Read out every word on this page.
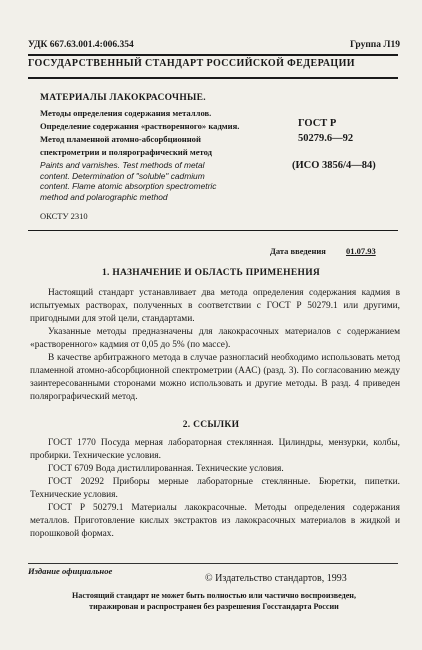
УДК 667.63.001.4:006.354	Группа Л19
ГОСУДАРСТВЕННЫЙ СТАНДАРТ РОССИЙСКОЙ ФЕДЕРАЦИИ
МАТЕРИАЛЫ ЛАКОКРАСОЧНЫЕ.
Методы определения содержания металлов.
Определение содержания «растворенного» кадмия.
Метод пламенной атомно-абсорбционной
спектрометрии и полярографический метод
Paints and varnishes. Test methods of metal
content. Determination of "soluble" cadmium
content. Flame atomic absorption spectrometric
method and polarographic method
ОКСТУ 2310
ГОСТ Р
50279.6—92
(ИСО 3856/4—84)
Дата введения 01.07.93
1. НАЗНАЧЕНИЕ И ОБЛАСТЬ ПРИМЕНЕНИЯ

Настоящий стандарт устанавливает два метода определения содержания кадмия в испытуемых растворах, полученных в соответствии с ГОСТ Р 50279.1 или другими, пригодными для этой цели, стандартами.

Указанные методы предназначены для лакокрасочных материалов с содержанием «растворенного» кадмия от 0,05 до 5% (по массе).

В качестве арбитражного метода в случае разногласий необходимо использовать метод пламенной атомно-абсорбционной спектрометрии (ААС) (разд. 3). По согласованию между заинтересованными сторонами можно использовать и другие методы. В разд. 4 приведен полярографический метод.

2. ССЫЛКИ

ГОСТ 1770 Посуда мерная лабораторная стеклянная. Цилиндры, мензурки, колбы, пробирки. Технические условия.

ГОСТ 6709 Вода дистиллированная. Технические условия.

ГОСТ 20292 Приборы мерные лабораторные стеклянные. Бюретки, пипетки. Технические условия.

ГОСТ Р 50279.1 Материалы лакокрасочные. Методы определения содержания металлов. Приготовление кислых экстрактов из лакокрасочных материалов в жидкой и порошковой формах.

Издание официальное
© Издательство стандартов, 1993
Настоящий стандарт не может быть полностью или частично воспроизведен,
тиражирован и распространен без разрешения Госстандарта России
